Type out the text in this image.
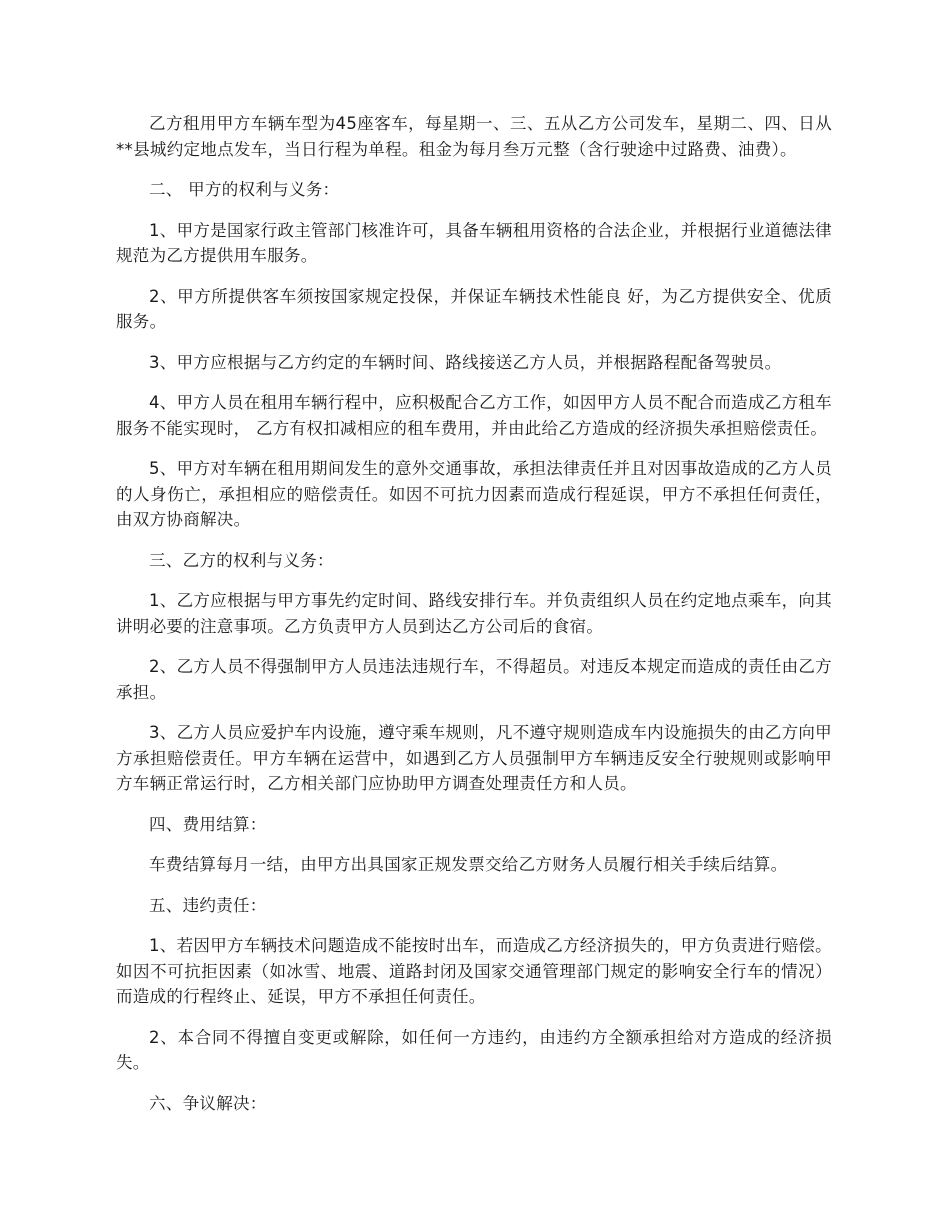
乙方租用甲方车辆车型为45座客车，每星期一、三、五从乙方公司发车，星期二、四、日从**县城约定地点发车，当日行程为单程。租金为每月叁万元整（含行驶途中过路费、油费）。

二、 甲方的权利与义务：

1、甲方是国家行政主管部门核准许可，具备车辆租用资格的合法企业，并根据行业道德法律规范为乙方提供用车服务。

2、甲方所提供客车须按国家规定投保，并保证车辆技术性能良 好，为乙方提供安全、优质服务。

3、甲方应根据与乙方约定的车辆时间、路线接送乙方人员，并根据路程配备驾驶员。

4、甲方人员在租用车辆行程中，应积极配合乙方工作，如因甲方人员不配合而造成乙方租车服务不能实现时， 乙方有权扣减相应的租车费用，并由此给乙方造成的经济损失承担赔偿责任。

5、甲方对车辆在租用期间发生的意外交通事故，承担法律责任并且对因事故造成的乙方人员的人身伤亡，承担相应的赔偿责任。如因不可抗力因素而造成行程延误，甲方不承担任何责任，由双方协商解决。

三、乙方的权利与义务：

1、乙方应根据与甲方事先约定时间、路线安排行车。并负责组织人员在约定地点乘车，向其讲明必要的注意事项。乙方负责甲方人员到达乙方公司后的食宿。

2、乙方人员不得强制甲方人员违法违规行车，不得超员。对违反本规定而造成的责任由乙方承担。

3、乙方人员应爱护车内设施，遵守乘车规则，凡不遵守规则造成车内设施损失的由乙方向甲方承担赔偿责任。甲方车辆在运营中，如遇到乙方人员强制甲方车辆违反安全行驶规则或影响甲方车辆正常运行时，乙方相关部门应协助甲方调查处理责任方和人员。

四、费用结算：

车费结算每月一结，由甲方出具国家正规发票交给乙方财务人员履行相关手续后结算。

五、违约责任：

1、若因甲方车辆技术问题造成不能按时出车，而造成乙方经济损失的，甲方负责进行赔偿。如因不可抗拒因素（如冰雪、地震、道路封闭及国家交通管理部门规定的影响安全行车的情况）而造成的行程终止、延误，甲方不承担任何责任。

2、本合同不得擅自变更或解除，如任何一方违约，由违约方全额承担给对方造成的经济损失。

六、争议解决：
